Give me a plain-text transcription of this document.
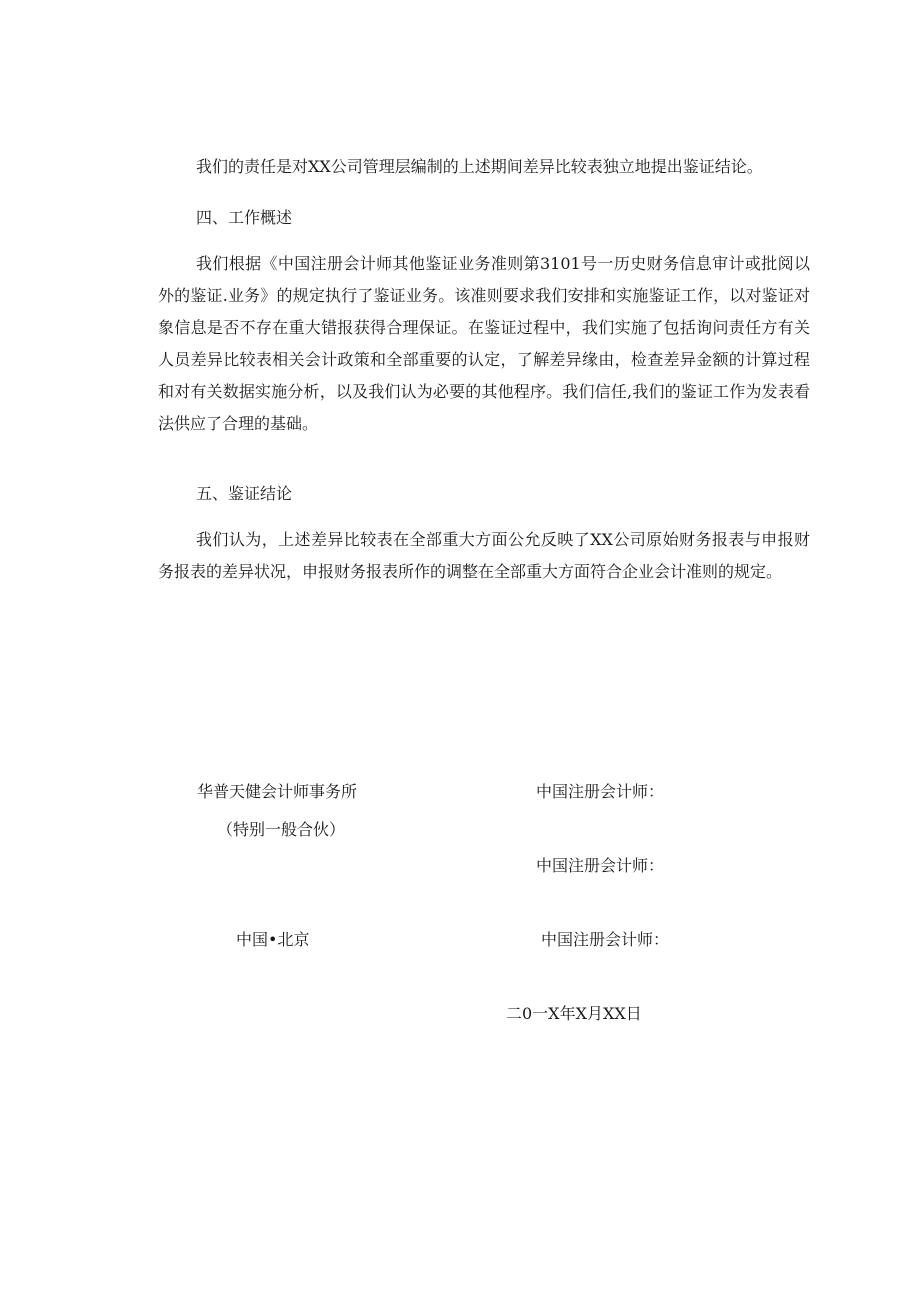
我们的责任是对XX公司管理层编制的上述期间差异比较表独立地提出鉴证结论。

四、工作概述

我们根据《中国注册会计师其他鉴证业务准则第3101号一历史财务信息审计或批阅以外的鉴证.业务》的规定执行了鉴证业务。该准则要求我们安排和实施鉴证工作，以对鉴证对象信息是否不存在重大错报获得合理保证。在鉴证过程中，我们实施了包括询问责任方有关人员差异比较表相关会计政策和全部重要的认定，了解差异缘由，检查差异金额的计算过程和对有关数据实施分析，以及我们认为必要的其他程序。我们信任,我们的鉴证工作为发表看法供应了合理的基础。

五、鉴证结论

我们认为，上述差异比较表在全部重大方面公允反映了XX公司原始财务报表与申报财务报表的差异状况，申报财务报表所作的调整在全部重大方面符合企业会计准则的规定。

华普天健会计师事务所
（特别一般合伙）
中国•北京
中国注册会计师：
中国注册会计师：
中国注册会计师：
二0一X年X月XX日
